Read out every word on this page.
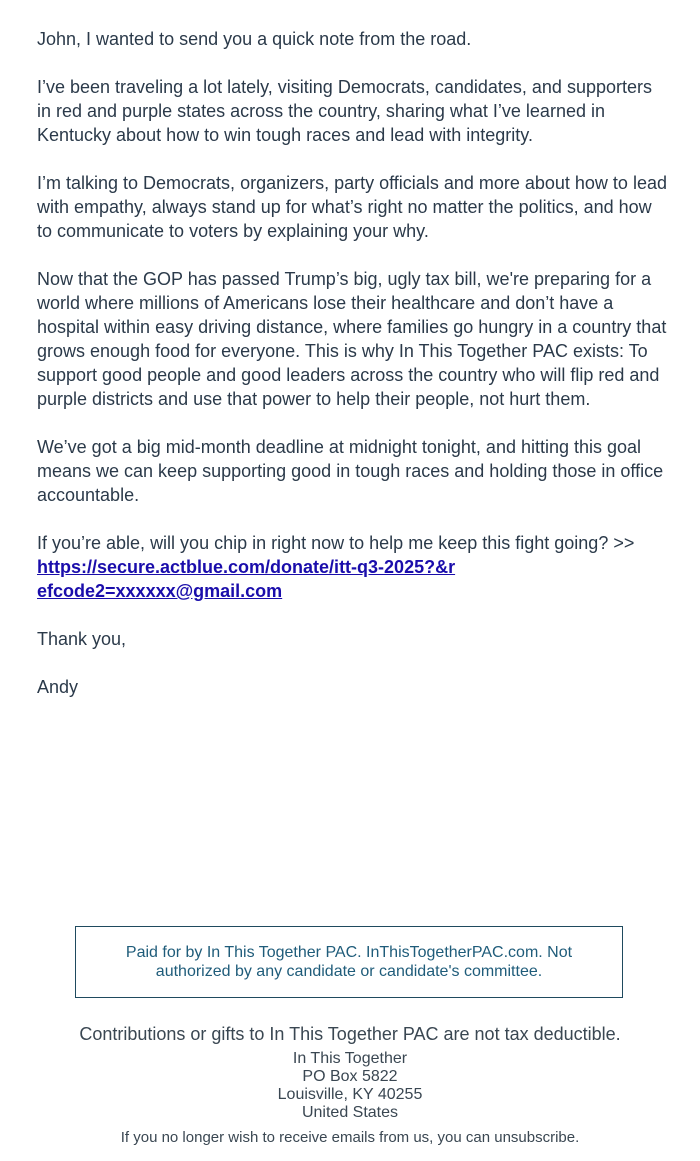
John, I wanted to send you a quick note from the road.

I’ve been traveling a lot lately, visiting Democrats, candidates, and supporters in red and purple states across the country, sharing what I’ve learned in Kentucky about how to win tough races and lead with integrity.

I’m talking to Democrats, organizers, party officials and more about how to lead with empathy, always stand up for what’s right no matter the politics, and how to communicate to voters by explaining your why.

Now that the GOP has passed Trump’s big, ugly tax bill, we're preparing for a world where millions of Americans lose their healthcare and don’t have a hospital within easy driving distance, where families go hungry in a country that grows enough food for everyone. This is why In This Together PAC exists: To support good people and good leaders across the country who will flip red and purple districts and use that power to help their people, not hurt them.

We’ve got a big mid-month deadline at midnight tonight, and hitting this goal means we can keep supporting good in tough races and holding those in office accountable.

If you’re able, will you chip in right now to help me keep this fight going? >>
https://secure.actblue.com/donate/itt-q3-2025?&refcode2=xxxxxx@gmail.com

Thank you,

Andy

Paid for by In This Together PAC. InThisTogetherPAC.com. Not authorized by any candidate or candidate's committee.
Contributions or gifts to In This Together PAC are not tax deductible.
In This Together
PO Box 5822
Louisville, KY 40255
United States
If you no longer wish to receive emails from us, you can unsubscribe.
